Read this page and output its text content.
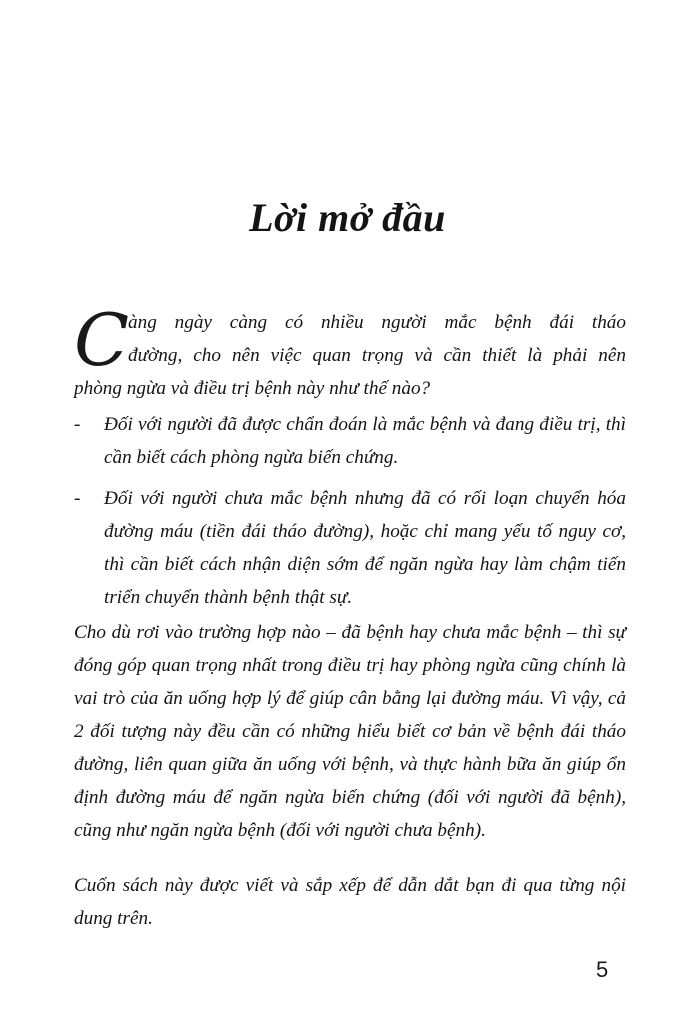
Lời mở đầu
C

àng ngày càng có nhiều người mắc bệnh đái tháo

đường, cho nên việc quan trọng và cần thiết là phải nên

phòng ngừa và điều trị bệnh này như thế nào?

-	Đối với người đã được chẩn đoán là mắc bệnh và đang điều trị, thì cần biết cách phòng ngừa biến chứng.

-	Đối với người chưa mắc bệnh nhưng đã có rối loạn chuyển hóa đường máu (tiền đái tháo đường), hoặc chỉ mang yếu tố nguy cơ, thì cần biết cách nhận diện sớm để ngăn ngừa hay làm chậm tiến triển chuyển thành bệnh thật sự.

Cho dù rơi vào trường hợp nào – đã bệnh hay chưa mắc bệnh – thì sự đóng góp quan trọng nhất trong điều trị hay phòng ngừa cũng chính là vai trò của ăn uống hợp lý để giúp cân bằng lại đường máu. Vì vậy, cả 2 đối tượng này đều cần có những hiểu biết cơ bản về bệnh đái tháo đường, liên quan giữa ăn uống với bệnh, và thực hành bữa ăn giúp ổn định đường máu để ngăn ngừa biến chứng (đối với người đã bệnh), cũng như ngăn ngừa bệnh (đối với người chưa bệnh).

Cuốn sách này được viết và sắp xếp để dẫn dắt bạn đi qua từng nội dung trên.

5
